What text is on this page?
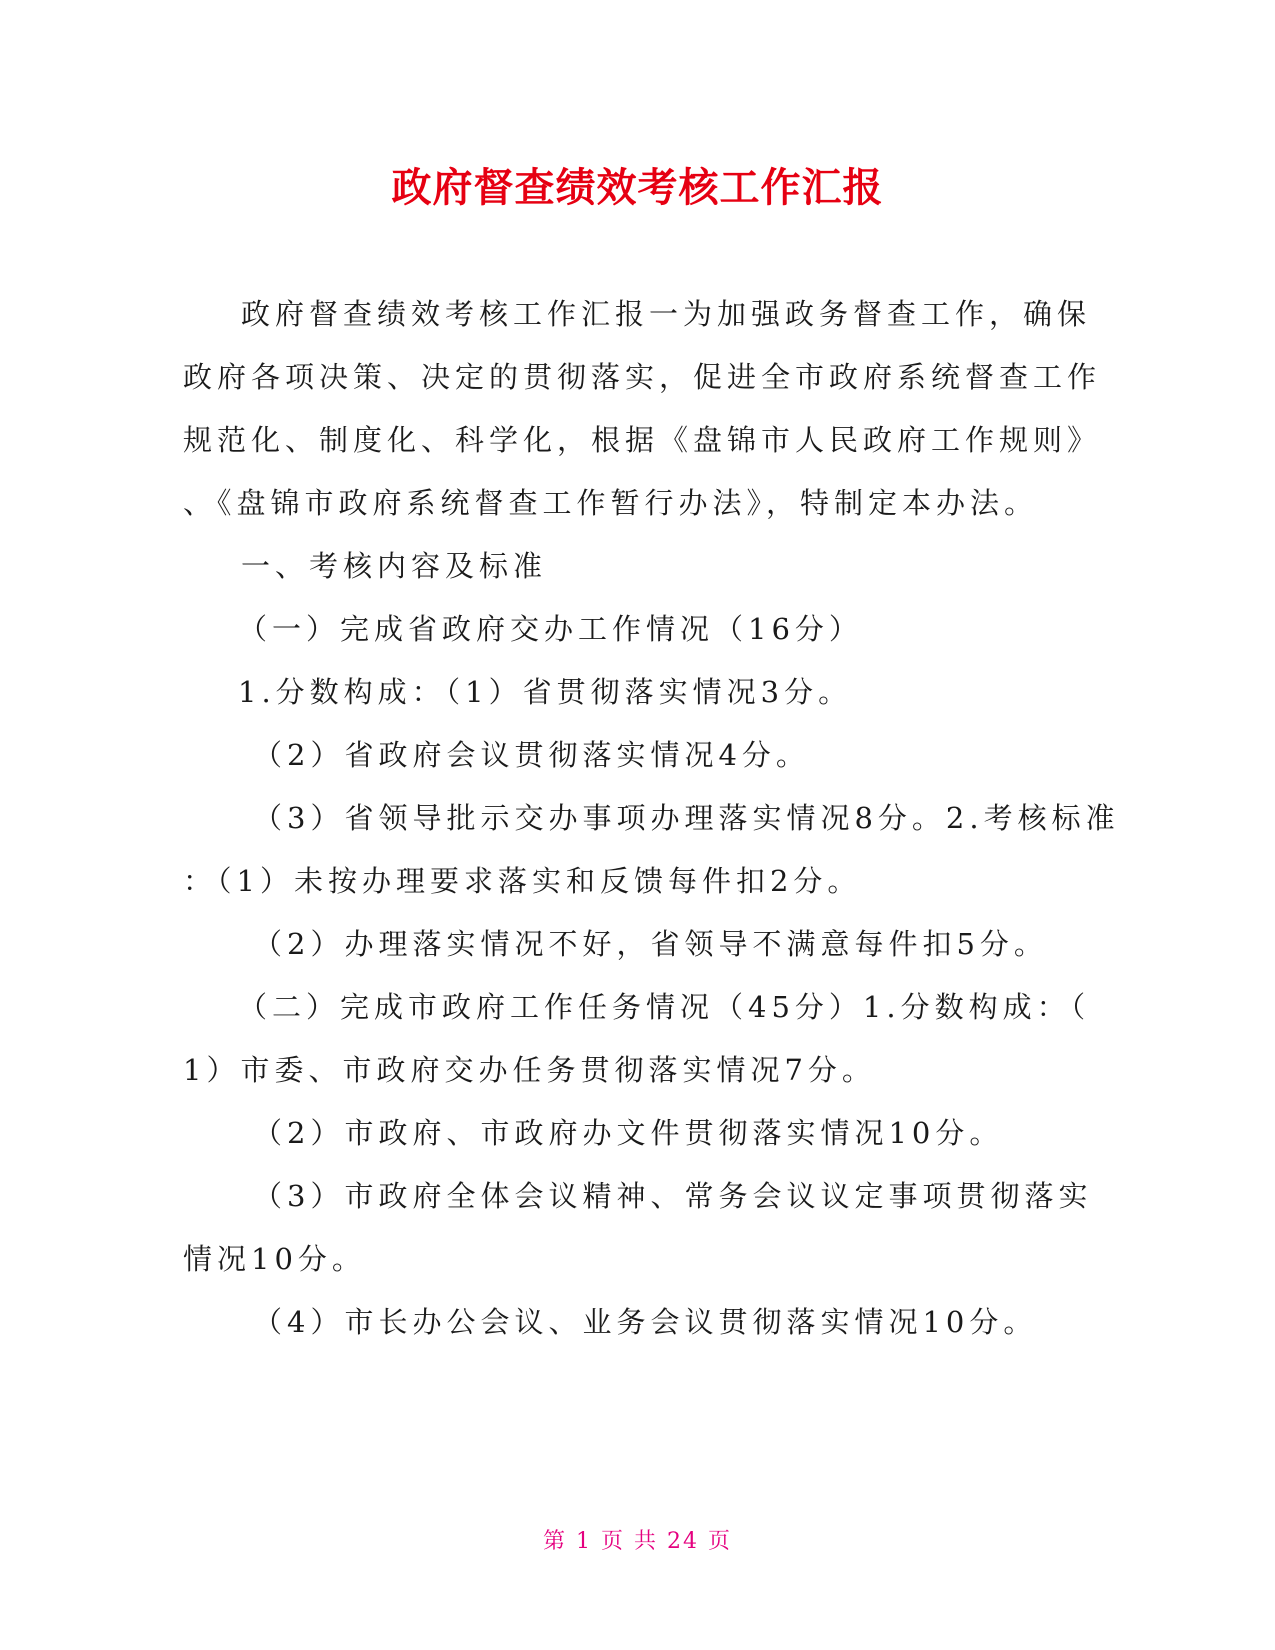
政府督查绩效考核工作汇报

政府督查绩效考核工作汇报一为加强政务督查工作，确保

政府各项决策、决定的贯彻落实，促进全市政府系统督查工作

规范化、制度化、科学化，根据《盘锦市人民政府工作规则》

、《盘锦市政府系统督查工作暂行办法》，特制定本办法。

一、考核内容及标准

（一）完成省政府交办工作情况（16分）

1.分数构成：（1）省贯彻落实情况3分。

（2）省政府会议贯彻落实情况4分。

（3）省领导批示交办事项办理落实情况8分。2.考核标准

：（1）未按办理要求落实和反馈每件扣2分。

（2）办理落实情况不好，省领导不满意每件扣5分。

（二）完成市政府工作任务情况（45分）1.分数构成：（

1）市委、市政府交办任务贯彻落实情况7分。

（2）市政府、市政府办文件贯彻落实情况10分。

（3）市政府全体会议精神、常务会议议定事项贯彻落实

情况10分。

（4）市长办公会议、业务会议贯彻落实情况10分。

第 1 页 共 24 页
